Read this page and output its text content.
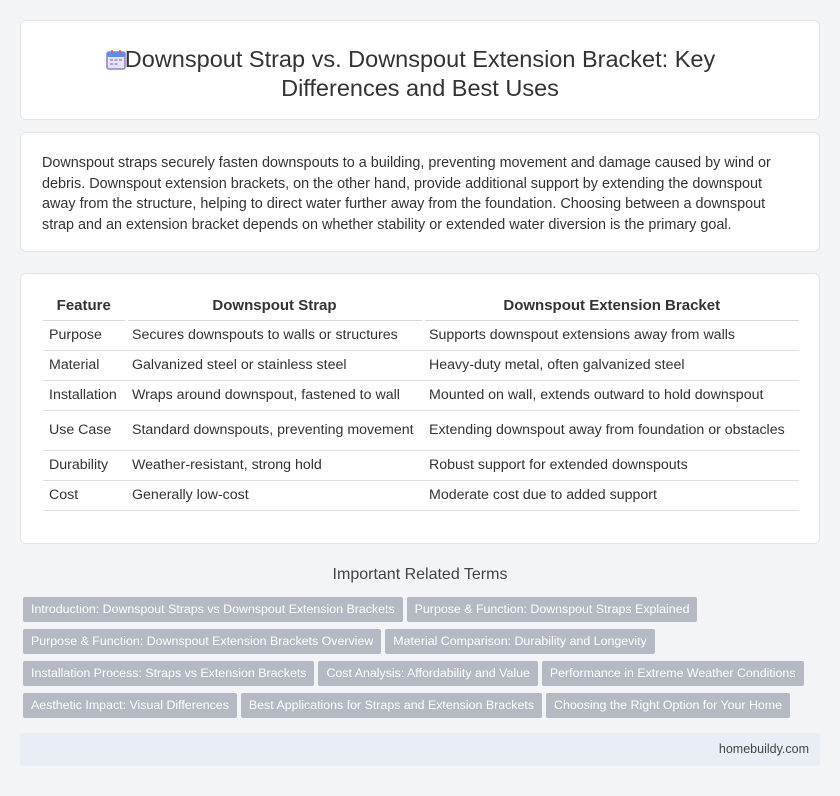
Downspout Strap vs. Downspout Extension Bracket: Key
Differences and Best Uses

Downspout straps securely fasten downspouts to a building, preventing movement and damage caused by wind or debris. Downspout extension brackets, on the other hand, provide additional support by extending the downspout away from the structure, helping to direct water further away from the foundation. Choosing between a downspout strap and an extension bracket depends on whether stability or extended water diversion is the primary goal.

Feature	Downspout Strap	Downspout Extension Bracket
Purpose	Secures downspouts to walls or structures	Supports downspout extensions away from walls
Material	Galvanized steel or stainless steel	Heavy-duty metal, often galvanized steel
Installation	Wraps around downspout, fastened to wall	Mounted on wall, extends outward to hold downspout
Use Case	Standard downspouts, preventing movement	Extending downspout away from foundation or obstacles
Durability	Weather-resistant, strong hold	Robust support for extended downspouts
Cost	Generally low-cost	Moderate cost due to added support
Important Related Terms
Introduction: Downspout Straps vs Downspout Extension Brackets Purpose & Function: Downspout Straps Explained
Purpose & Function: Downspout Extension Brackets Overview Material Comparison: Durability and Longevity
Installation Process: Straps vs Extension Brackets Cost Analysis: Affordability and Value Performance in Extreme Weather Conditions
Aesthetic Impact: Visual Differences Best Applications for Straps and Extension Brackets Choosing the Right Option for Your Home
homebuildy.com
